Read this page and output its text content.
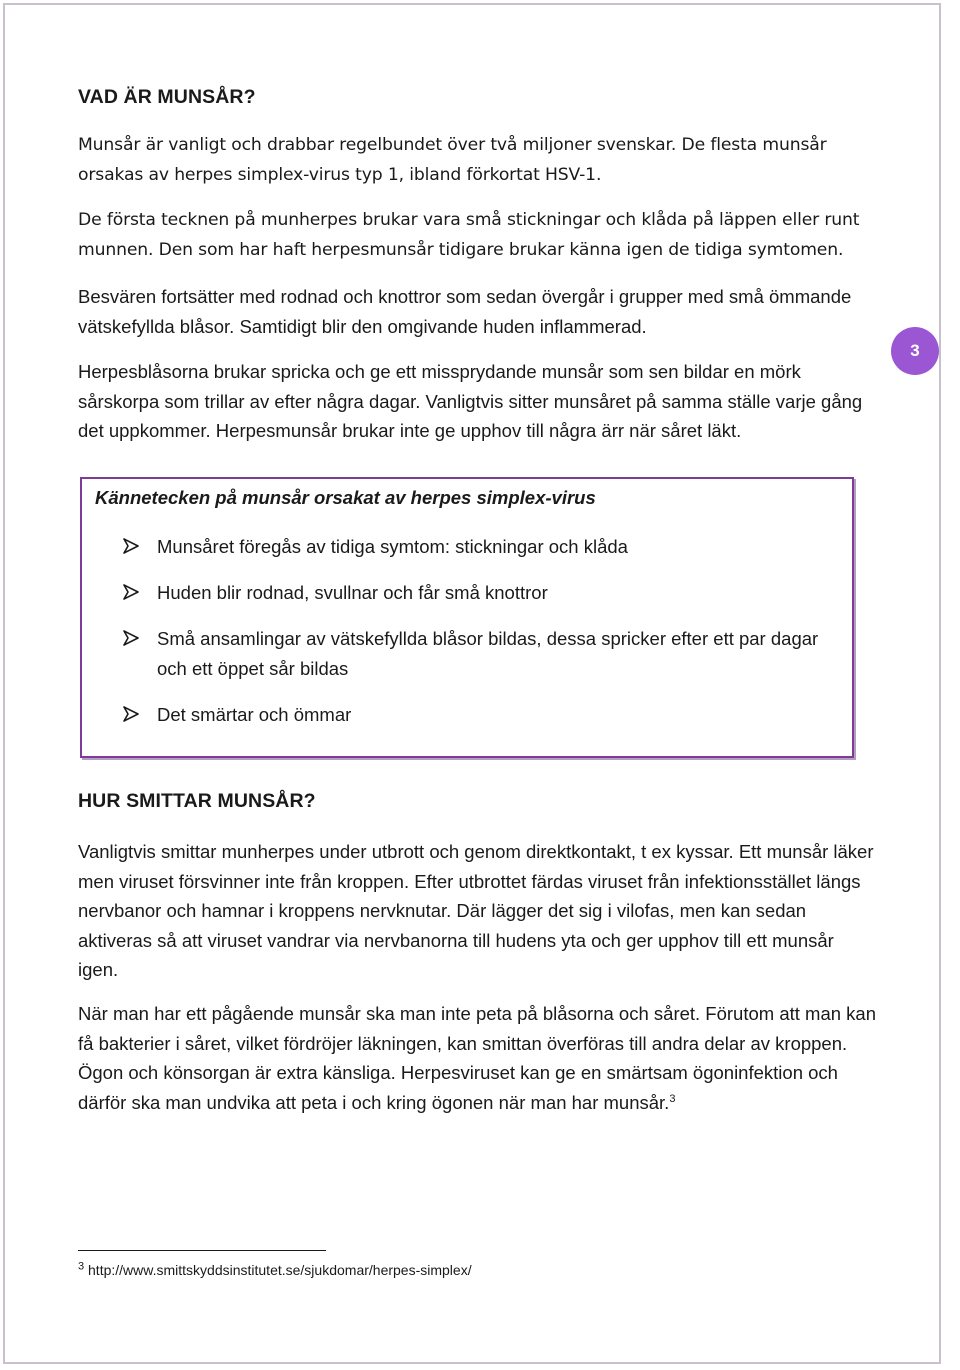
VAD ÄR MUNSÅR?

Munsår är vanligt och drabbar regelbundet över två miljoner svenskar. De flesta munsår orsakas av herpes simplex-virus typ 1, ibland förkortat HSV-1.

De första tecknen på munherpes brukar vara små stickningar och klåda på läppen eller runt munnen. Den som har haft herpesmunsår tidigare brukar känna igen de tidiga symtomen.

Besvären fortsätter med rodnad och knottror som sedan övergår i grupper med små ömmande vätskefyllda blåsor. Samtidigt blir den omgivande huden inflammerad.

Herpesblåsorna brukar spricka och ge ett missprydande munsår som sen bildar en mörk sårskorpa som trillar av efter några dagar. Vanligtvis sitter munsåret på samma ställe varje gång det uppkommer. Herpesmunsår brukar inte ge upphov till några ärr när såret läkt.

HUR SMITTAR MUNSÅR?

Vanligtvis smittar munherpes under utbrott och genom direktkontakt, t ex kyssar. Ett munsår läker men viruset försvinner inte från kroppen. Efter utbrottet färdas viruset från infektionsstället längs nervbanor och hamnar i kroppens nervknutar. Där lägger det sig i vilofas, men kan sedan aktiveras så att viruset vandrar via nervbanorna till hudens yta och ger upphov till ett munsår igen.

När man har ett pågående munsår ska man inte peta på blåsorna och såret. Förutom att man kan få bakterier i såret, vilket fördröjer läkningen, kan smittan överföras till andra delar av kroppen. Ögon och könsorgan är extra känsliga. Herpesviruset kan ge en smärtsam ögoninfektion och därför ska man undvika att peta i och kring ögonen när man har munsår.$^3$

3
Kännetecken på munsår orsakat av herpes simplex-virus
Munsåret föregås av tidiga symtom: stickningar och klåda
Huden blir rodnad, svullnar och får små knottror
Små ansamlingar av vätskefyllda blåsor bildas, dessa spricker efter ett par dagar och ett öppet sår bildas
Det smärtar och ömmar
$^3$ http://www.smittskyddsinstitutet.se/sjukdomar/herpes-simplex/
